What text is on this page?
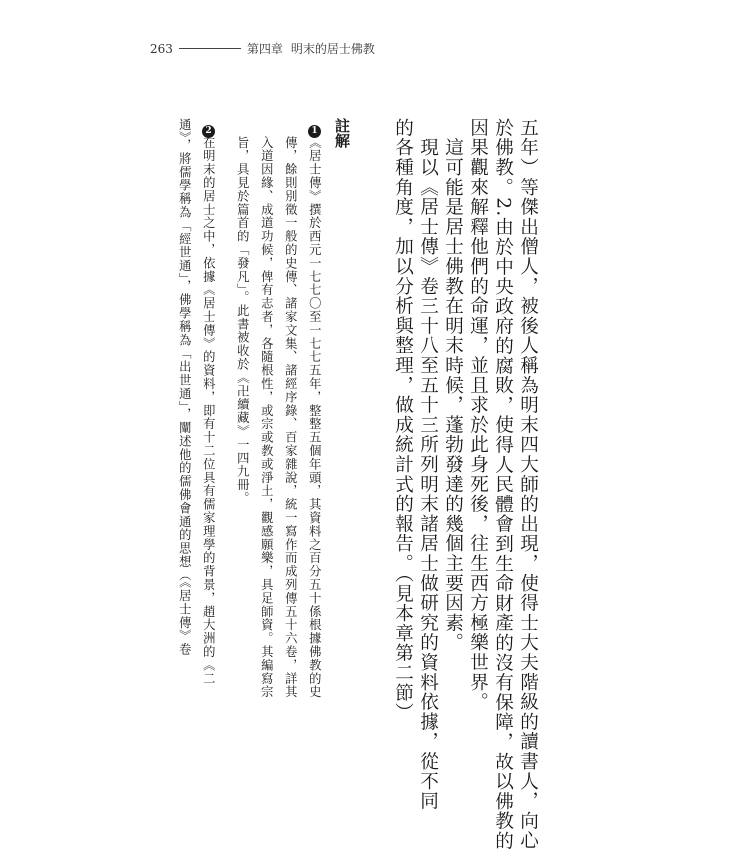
263	第四章 明末的居士佛教
五年）等傑出僧人，被後人稱為明末四大師的出現，使得士大夫階級的讀書人，向心
於佛教。2.由於中央政府的腐敗，使得人民體會到生命財產的沒有保障，故以佛教的
因果觀來解釋他們的命運，並且求於此身死後，往生西方極樂世界。
　這可能是居士佛教在明末時候，蓬勃發達的幾個主要因素。
　現以《居士傳》卷三十八至五十三所列明末諸居士做研究的資料依據，從不同
的各種角度，加以分析與整理，做成統計式的報告。（見本章第二節）
註解
1
《居士傳》撰於西元一七七〇至一七七五年，整整五個年頭，其資料之百分五十係根據佛教的史
傳，餘則別徵一般的史傳、諸家文集、諸經序錄、百家雜說，統一寫作而成列傳五十六卷，詳其
入道因緣、成道功候，俾有志者，各隨根性，或宗或教或淨土，觀感願樂，具足師資。其編寫宗
旨，具見於篇首的「發凡」。此書被收於《卍續藏》一四九冊。
2
在明末的居士之中，依據《居士傳》的資料，即有十二位具有儒家理學的背景，趙大洲的《二
通》，將儒學稱為「經世通」，佛學稱為「出世通」，闡述他的儒佛會通的思想（《居士傳》卷
